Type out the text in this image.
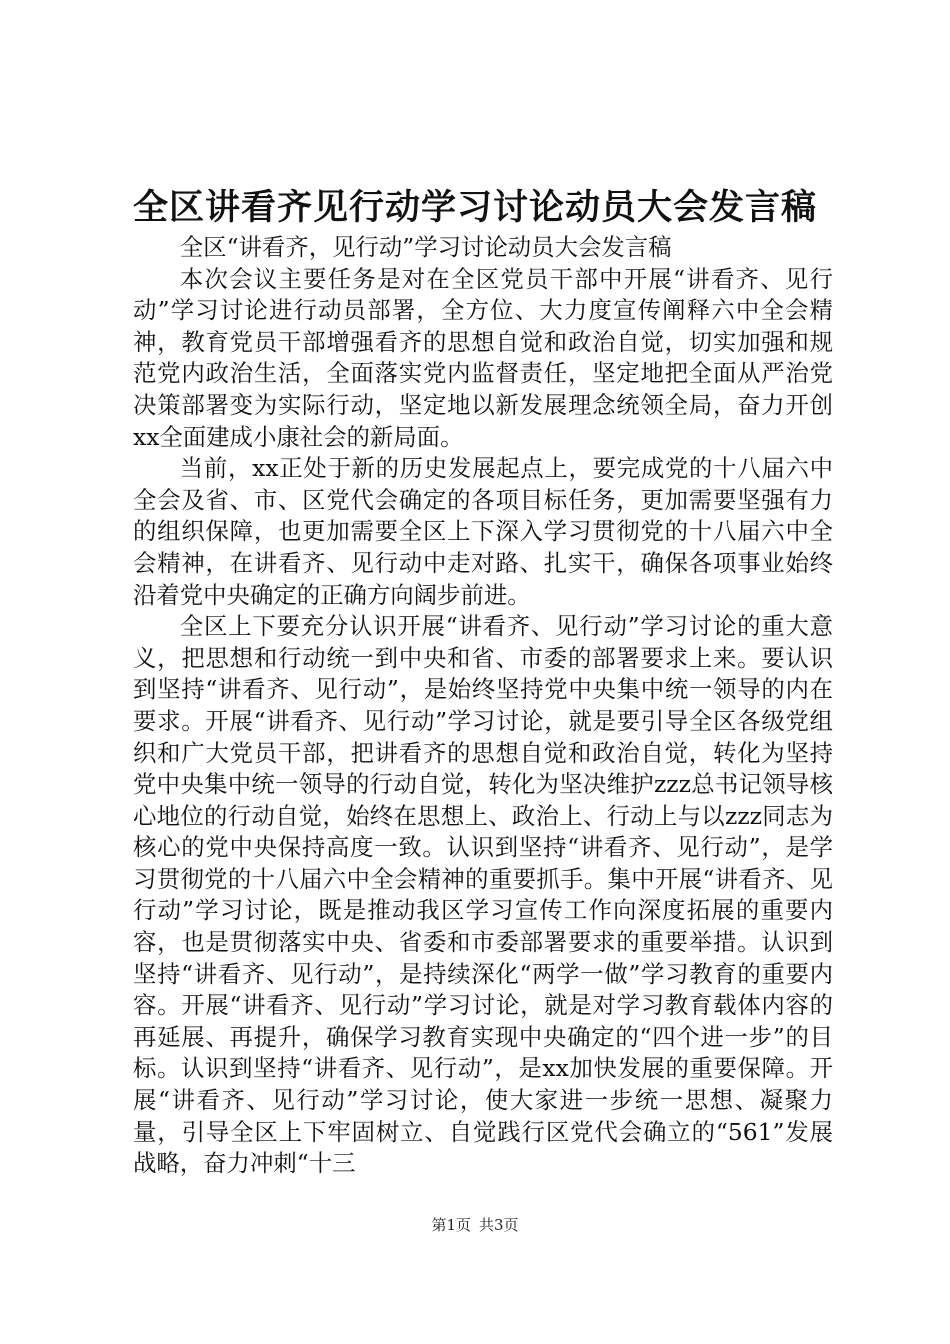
全区讲看齐见行动学习讨论动员大会发言稿

全区“讲看齐，见行动”学习讨论动员大会发言稿

本次会议主要任务是对在全区党员干部中开展“讲看齐、见行动”学习讨论进行动员部署，全方位、大力度宣传阐释六中全会精神，教育党员干部增强看齐的思想自觉和政治自觉，切实加强和规范党内政治生活，全面落实党内监督责任，坚定地把全面从严治党决策部署变为实际行动，坚定地以新发展理念统领全局，奋力开创xx全面建成小康社会的新局面。

当前，xx正处于新的历史发展起点上，要完成党的十八届六中全会及省、市、区党代会确定的各项目标任务，更加需要坚强有力的组织保障，也更加需要全区上下深入学习贯彻党的十八届六中全会精神，在讲看齐、见行动中走对路、扎实干，确保各项事业始终沿着党中央确定的正确方向阔步前进。

全区上下要充分认识开展“讲看齐、见行动”学习讨论的重大意义，把思想和行动统一到中央和省、市委的部署要求上来。要认识到坚持“讲看齐、见行动”，是始终坚持党中央集中统一领导的内在要求。开展“讲看齐、见行动”学习讨论，就是要引导全区各级党组织和广大党员干部，把讲看齐的思想自觉和政治自觉，转化为坚持党中央集中统一领导的行动自觉，转化为坚决维护zzz总书记领导核心地位的行动自觉，始终在思想上、政治上、行动上与以zzz同志为核心的党中央保持高度一致。认识到坚持“讲看齐、见行动”，是学习贯彻党的十八届六中全会精神的重要抓手。集中开展“讲看齐、见行动”学习讨论，既是推动我区学习宣传工作向深度拓展的重要内容，也是贯彻落实中央、省委和市委部署要求的重要举措。认识到坚持“讲看齐、见行动”，是持续深化“两学一做”学习教育的重要内容。开展“讲看齐、见行动”学习讨论，就是对学习教育载体内容的再延展、再提升，确保学习教育实现中央确定的“四个进一步”的目标。认识到坚持“讲看齐、见行动”，是xx加快发展的重要保障。开展“讲看齐、见行动”学习讨论，使大家进一步统一思想、凝聚力量，引导全区上下牢固树立、自觉践行区党代会确立的“561”发展战略，奋力冲刺“十三

第1页 共3页
